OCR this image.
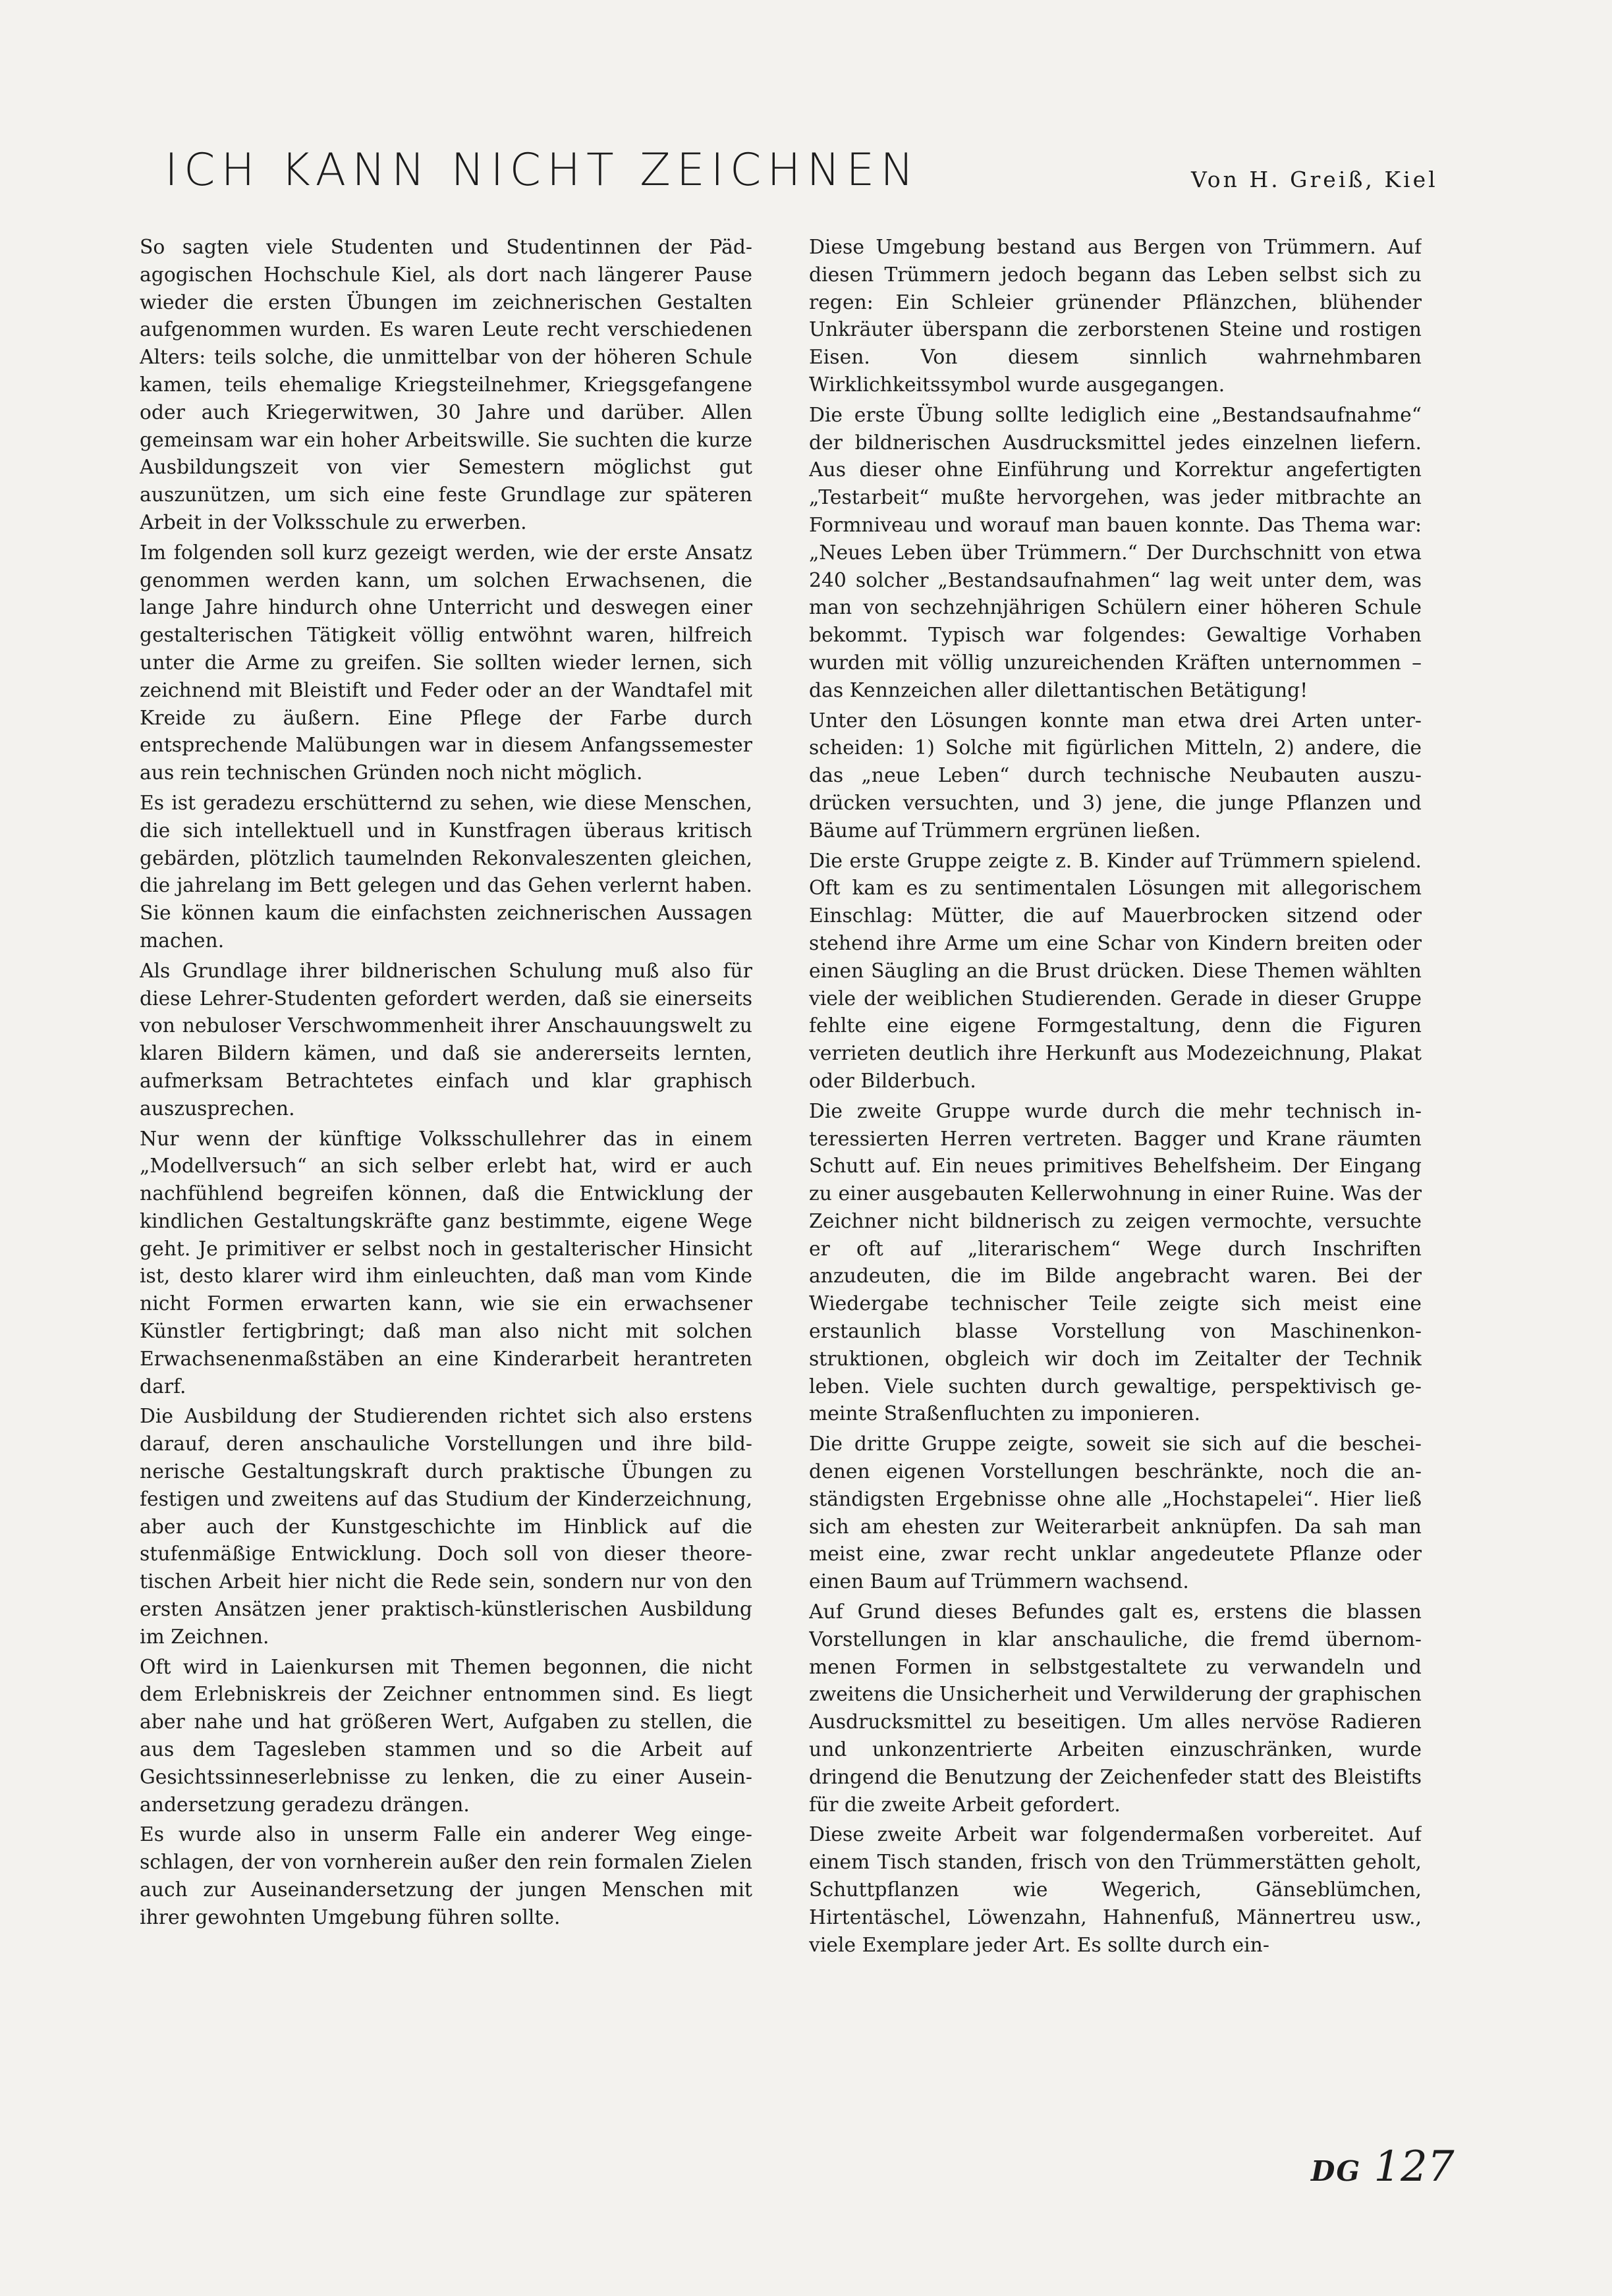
ICH KANN NICHT ZEICHNEN	Von H. Greiß, Kiel

So sagten viele Studenten und Studentinnen der Pädagogischen Hochschule Kiel, als dort nach längerer Pause wieder die ersten Übungen im zeichnerischen Gestalten aufgenommen wurden. Es waren Leute recht verschiedenen Alters: teils solche, die unmittelbar von der höheren Schule kamen, teils ehemalige Kriegsteilnehmer, Kriegsgefangene oder auch Kriegerwitwen, 30 Jahre und darüber. Allen gemeinsam war ein hoher Arbeitswille. Sie suchten die kurze Ausbildungszeit von vier Semestern möglichst gut auszunützen, um sich eine feste Grundlage zur späteren Arbeit in der Volksschule zu erwerben.

Im folgenden soll kurz gezeigt werden, wie der erste Ansatz genommen werden kann, um solchen Erwachsenen, die lange Jahre hindurch ohne Unterricht und deswegen einer gestalterischen Tätigkeit völlig entwöhnt waren, hilfreich unter die Arme zu greifen. Sie sollten wieder lernen, sich zeichnend mit Bleistift und Feder oder an der Wandtafel mit Kreide zu äußern. Eine Pflege der Farbe durch entsprechende Malübungen war in diesem Anfangssemester aus rein technischen Gründen noch nicht möglich.

Es ist geradezu erschütternd zu sehen, wie diese Menschen, die sich intellektuell und in Kunstfragen überaus kritisch gebärden, plötzlich taumelnden Rekonvaleszenten gleichen, die jahrelang im Bett gelegen und das Gehen verlernt haben. Sie können kaum die einfachsten zeichnerischen Aussagen machen.

Als Grundlage ihrer bildnerischen Schulung muß also für diese Lehrer-Studenten gefordert werden, daß sie einerseits von nebuloser Verschwommenheit ihrer Anschauungswelt zu klaren Bildern kämen, und daß sie andererseits lernten, aufmerksam Betrachtetes einfach und klar graphisch auszusprechen.

Nur wenn der künftige Volksschullehrer das in einem „Modellversuch“ an sich selber erlebt hat, wird er auch nachfühlend begreifen können, daß die Entwicklung der kindlichen Gestaltungskräfte ganz bestimmte, eigene Wege geht. Je primitiver er selbst noch in gestalterischer Hinsicht ist, desto klarer wird ihm einleuchten, daß man vom Kinde nicht Formen erwarten kann, wie sie ein erwachsener Künstler fertigbringt; daß man also nicht mit solchen Erwachsenenmaßstäben an eine Kinderarbeit herantreten darf.

Die Ausbildung der Studierenden richtet sich also erstens darauf, deren anschauliche Vorstellungen und ihre bildnerische Gestaltungskraft durch praktische Übungen zu festigen und zweitens auf das Studium der Kinderzeichnung, aber auch der Kunstgeschichte im Hinblick auf die stufenmäßige Entwicklung. Doch soll von dieser theoretischen Arbeit hier nicht die Rede sein, sondern nur von den ersten Ansätzen jener praktisch-künstlerischen Ausbildung im Zeichnen.

Oft wird in Laienkursen mit Themen begonnen, die nicht dem Erlebniskreis der Zeichner entnommen sind. Es liegt aber nahe und hat größeren Wert, Aufgaben zu stellen, die aus dem Tagesleben stammen und so die Arbeit auf Gesichtssinneserlebnisse zu lenken, die zu einer Auseinandersetzung geradezu drängen.

Es wurde also in unserm Falle ein anderer Weg eingeschlagen, der von vornherein außer den rein formalen Zielen auch zur Auseinandersetzung der jungen Menschen mit ihrer gewohnten Umgebung führen sollte.

Diese Umgebung bestand aus Bergen von Trümmern. Auf diesen Trümmern jedoch begann das Leben selbst sich zu regen: Ein Schleier grünender Pflänzchen, blühender Unkräuter überspann die zerborstenen Steine und rostigen Eisen. Von diesem sinnlich wahrnehmbaren Wirklichkeitssymbol wurde ausgegangen.

Die erste Übung sollte lediglich eine „Bestandsaufnahme“ der bildnerischen Ausdrucksmittel jedes einzelnen liefern. Aus dieser ohne Einführung und Korrektur angefertigten „Testarbeit“ mußte hervorgehen, was jeder mitbrachte an Formniveau und worauf man bauen konnte. Das Thema war: „Neues Leben über Trümmern.“ Der Durchschnitt von etwa 240 solcher „Bestandsaufnahmen“ lag weit unter dem, was man von sechzehnjährigen Schülern einer höheren Schule bekommt. Typisch war folgendes: Gewaltige Vorhaben wurden mit völlig unzureichenden Kräften unternommen – das Kennzeichen aller dilettantischen Betätigung!

Unter den Lösungen konnte man etwa drei Arten unterscheiden: 1) Solche mit figürlichen Mitteln, 2) andere, die das „neue Leben“ durch technische Neubauten auszudrücken versuchten, und 3) jene, die junge Pflanzen und Bäume auf Trümmern ergrünen ließen.

Die erste Gruppe zeigte z. B. Kinder auf Trümmern spielend. Oft kam es zu sentimentalen Lösungen mit allegorischem Einschlag: Mütter, die auf Mauerbrocken sitzend oder stehend ihre Arme um eine Schar von Kindern breiten oder einen Säugling an die Brust drücken. Diese Themen wählten viele der weiblichen Studierenden. Gerade in dieser Gruppe fehlte eine eigene Formgestaltung, denn die Figuren verrieten deutlich ihre Herkunft aus Modezeichnung, Plakat oder Bilderbuch.

Die zweite Gruppe wurde durch die mehr technisch interessierten Herren vertreten. Bagger und Krane räumten Schutt auf. Ein neues primitives Behelfsheim. Der Eingang zu einer ausgebauten Kellerwohnung in einer Ruine. Was der Zeichner nicht bildnerisch zu zeigen vermochte, versuchte er oft auf „literarischem“ Wege durch Inschriften anzudeuten, die im Bilde angebracht waren. Bei der Wiedergabe technischer Teile zeigte sich meist eine erstaunlich blasse Vorstellung von Maschinenkonstruktionen, obgleich wir doch im Zeitalter der Technik leben. Viele suchten durch gewaltige, perspektivisch gemeinte Straßenfluchten zu imponieren.

Die dritte Gruppe zeigte, soweit sie sich auf die bescheidenen eigenen Vorstellungen beschränkte, noch die anständigsten Ergebnisse ohne alle „Hochstapelei“. Hier ließ sich am ehesten zur Weiterarbeit anknüpfen. Da sah man meist eine, zwar recht unklar angedeutete Pflanze oder einen Baum auf Trümmern wachsend.

Auf Grund dieses Befundes galt es, erstens die blassen Vorstellungen in klar anschauliche, die fremd übernommenen Formen in selbstgestaltete zu verwandeln und zweitens die Unsicherheit und Verwilderung der graphischen Ausdrucksmittel zu beseitigen. Um alles nervöse Radieren und unkonzentrierte Arbeiten einzuschränken, wurde dringend die Benutzung der Zeichenfeder statt des Bleistifts für die zweite Arbeit gefordert.

Diese zweite Arbeit war folgendermaßen vorbereitet. Auf einem Tisch standen, frisch von den Trümmerstätten geholt, Schuttpflanzen wie Wegerich, Gänseblümchen, Hirtentäschel, Löwenzahn, Hahnenfuß, Männertreu usw., viele Exemplare jeder Art. Es sollte durch ein-

DG 127
